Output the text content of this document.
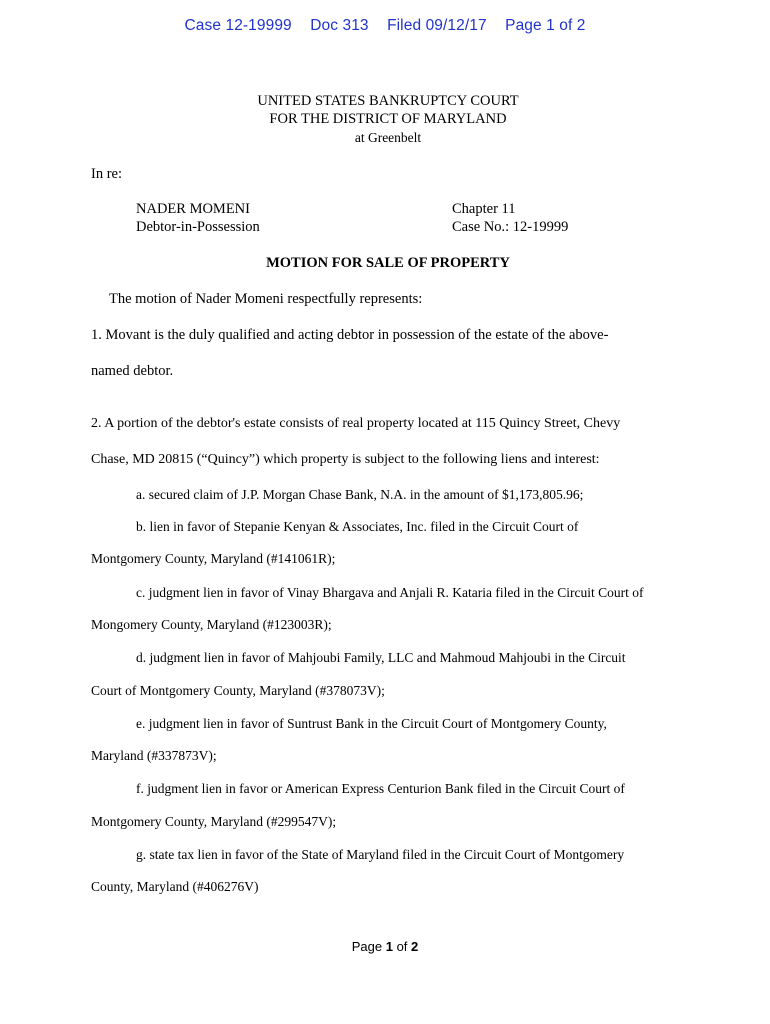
Case 12-19999 Doc 313 Filed 09/12/17 Page 1 of 2
UNITED STATES BANKRUPTCY COURT
FOR THE DISTRICT OF MARYLAND
at Greenbelt
In re:
NADER MOMENI
Debtor-in-Possession
Chapter 11
Case No.: 12-19999
MOTION FOR SALE OF PROPERTY
The motion of Nader Momeni respectfully represents:
1. Movant is the duly qualified and acting debtor in possession of the estate of the above-
named debtor.
2. A portion of the debtor's estate consists of real property located at 115 Quincy Street, Chevy
Chase, MD 20815 (“Quincy”) which property is subject to the following liens and interest:
a. secured claim of J.P. Morgan Chase Bank, N.A. in the amount of $1,173,805.96;
b. lien in favor of Stepanie Kenyan & Associates, Inc. filed in the Circuit Court of
Montgomery County, Maryland (#141061R);
c. judgment lien in favor of Vinay Bhargava and Anjali R. Kataria filed in the Circuit Court of
Mongomery County, Maryland (#123003R);
d. judgment lien in favor of Mahjoubi Family, LLC and Mahmoud Mahjoubi in the Circuit
Court of Montgomery County, Maryland (#378073V);
e. judgment lien in favor of Suntrust Bank in the Circuit Court of Montgomery County,
Maryland (#337873V);
f. judgment lien in favor or American Express Centurion Bank filed in the Circuit Court of
Montgomery County, Maryland (#299547V);
g. state tax lien in favor of the State of Maryland filed in the Circuit Court of Montgomery
County, Maryland (#406276V)
Page 1 of 2
